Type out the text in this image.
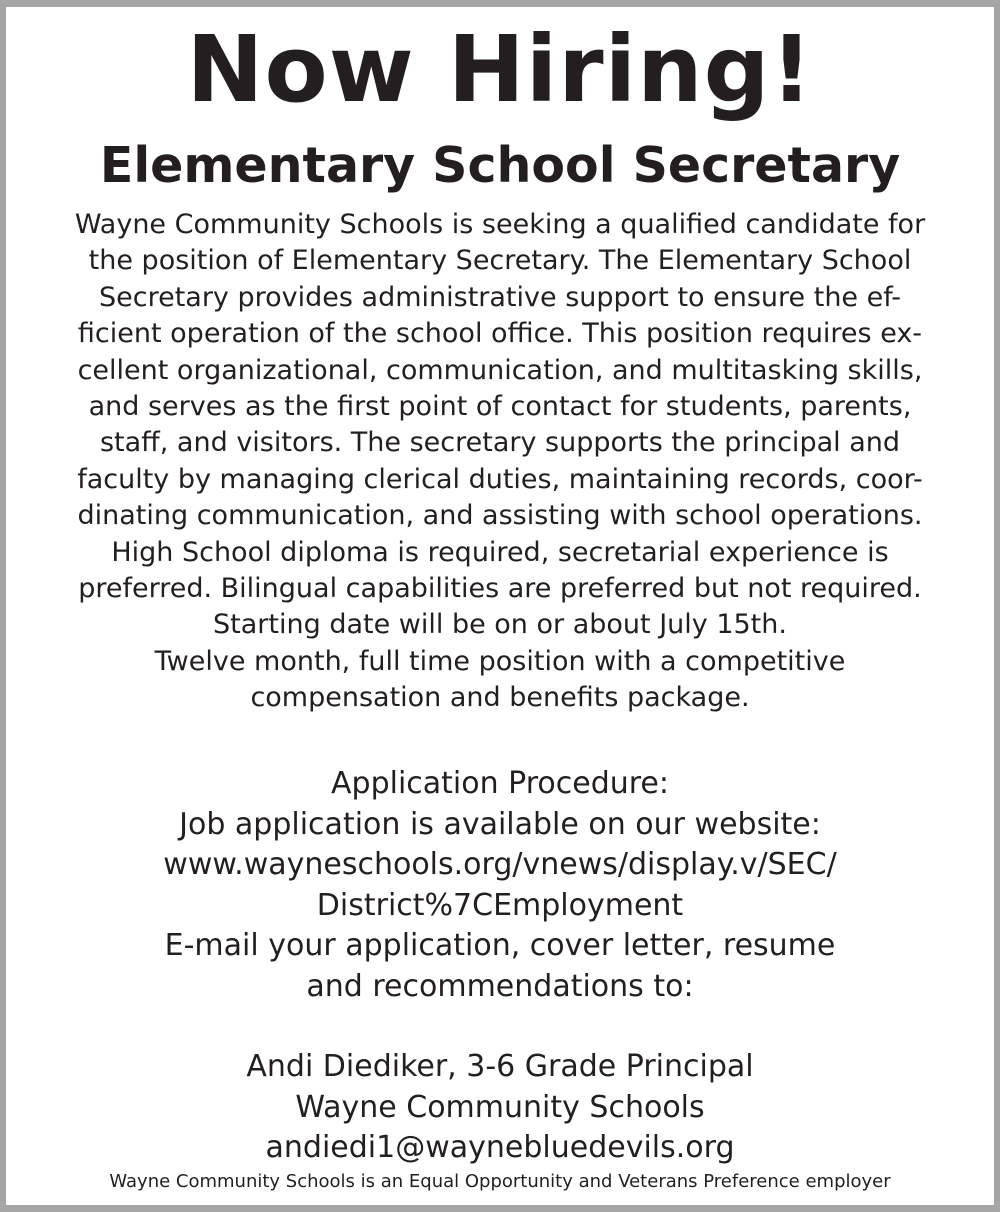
Now Hiring!
Elementary School Secretary
Wayne Community Schools is seeking a qualified candidate for
the position of Elementary Secretary. The Elementary School
Secretary provides administrative support to ensure the ef-
ficient operation of the school office. This position requires ex-
cellent organizational, communication, and multitasking skills,
and serves as the first point of contact for students, parents,
staff, and visitors. The secretary supports the principal and
faculty by managing clerical duties, maintaining records, coor-
dinating communication, and assisting with school operations.
High School diploma is required, secretarial experience is
preferred. Bilingual capabilities are preferred but not required.
Starting date will be on or about July 15th.
Twelve month, full time position with a competitive
compensation and benefits package.
Application Procedure:
Job application is available on our website:
www.wayneschools.org/vnews/display.v/SEC/
District%7CEmployment
E-mail your application, cover letter, resume
and recommendations to:
Andi Diediker, 3-6 Grade Principal
Wayne Community Schools
andiedi1@waynebluedevils.org
Wayne Community Schools is an Equal Opportunity and Veterans Preference employer
